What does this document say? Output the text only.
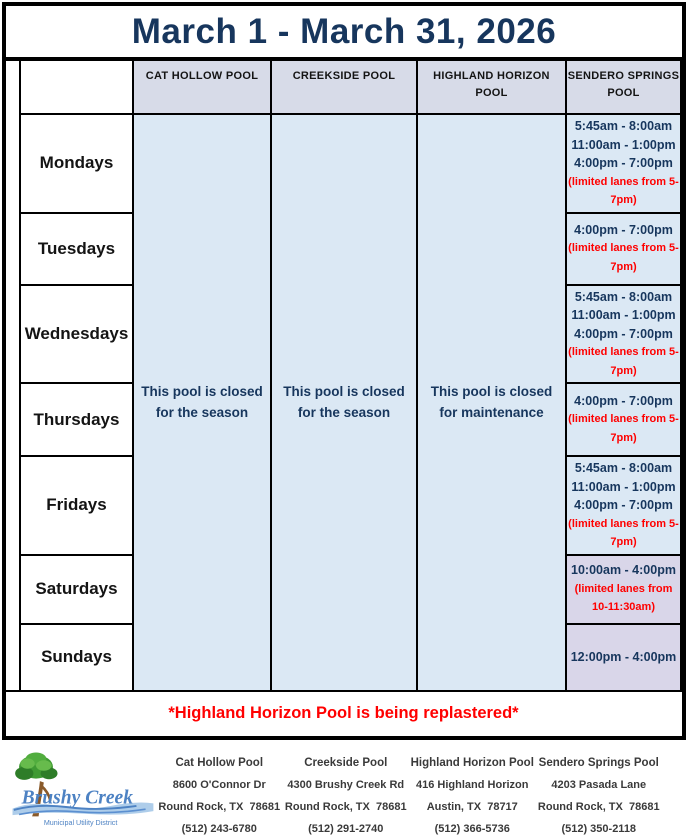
March 1 - March 31, 2026
		CAT HOLLOW POOL	CREEKSIDE POOL	HIGHLAND HORIZON POOL	SENDERO SPRINGS POOL
	Mondays	This pool is closed for the season	This pool is closed for the season	This pool is closed for maintenance	5:45am - 8:00am
11:00am - 1:00pm
4:00pm - 7:00pm
(limited lanes from 5-
7pm)

	Tuesdays				4:00pm - 7:00pm
(limited lanes from 5-
7pm)

	Wednesdays				5:45am - 8:00am
11:00am - 1:00pm
4:00pm - 7:00pm
(limited lanes from 5-
7pm)

	Thursdays				4:00pm - 7:00pm
(limited lanes from 5-
7pm)

	Fridays				5:45am - 8:00am
11:00am - 1:00pm
4:00pm - 7:00pm
(limited lanes from 5-
7pm)

	Saturdays				10:00am - 4:00pm
(limited lanes from
10-11:30am)

	Sundays				12:00pm - 4:00pm

*Highland Horizon Pool is being replastered*					
Brushy Creek
Municipal Utility District
Cat Hollow Pool
8600 O'Connor Dr
Round Rock, TX  78681
(512) 243-6780
Creekside Pool
4300 Brushy Creek Rd
Round Rock, TX  78681
(512) 291-2740
Highland Horizon Pool
416 Highland Horizon
Austin, TX  78717
(512) 366-5736
Sendero Springs Pool
4203 Pasada Lane
Round Rock, TX  78681
(512) 350-2118
